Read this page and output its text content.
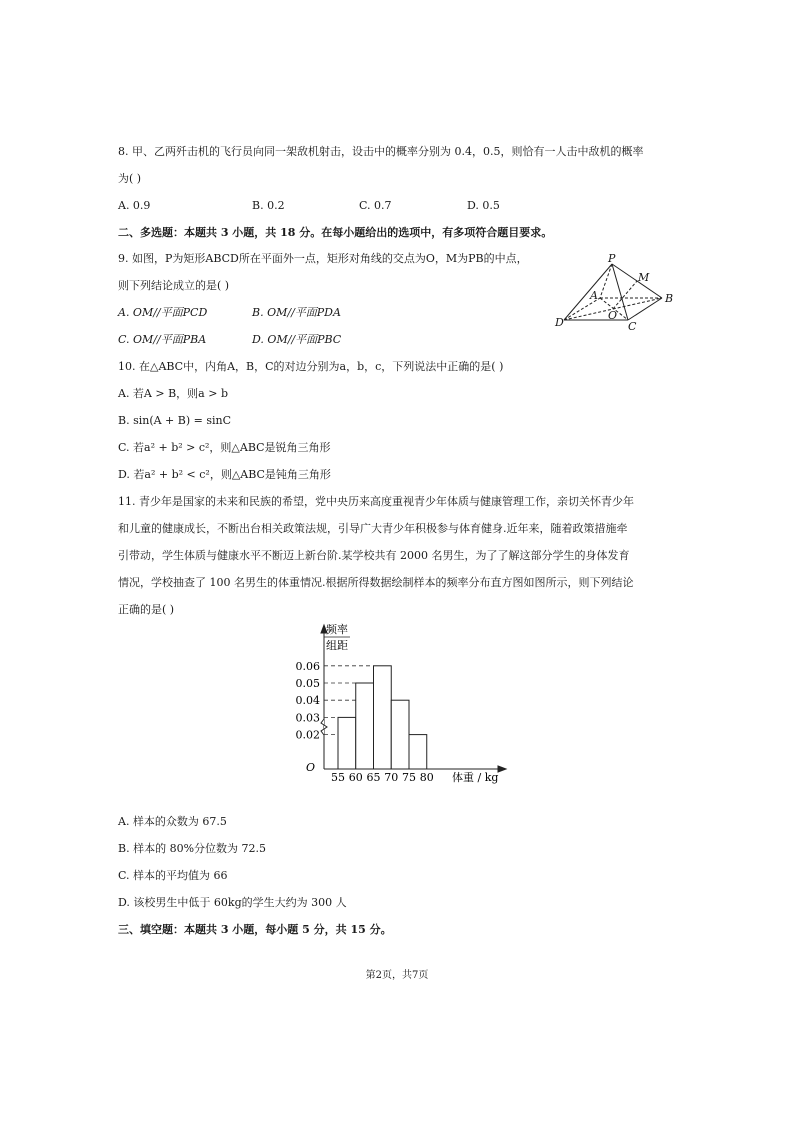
8. 甲、乙两歼击机的飞行员向同一架敌机射击，设击中的概率分别为 0.4，0.5，则恰有一人击中敌机的概率
为( )
A. 0.9	B. 0.2	C. 0.7	D. 0.5
二、多选题：本题共 3 小题，共 18 分。在每小题给出的选项中，有多项符合题目要求。
9. 如图，P为矩形ABCD所在平面外一点，矩形对角线的交点为O，M为PB的中点，
则下列结论成立的是( )
A. OM//平面PCD	B. OM//平面PDA
C. OM//平面PBA	D. OM//平面PBC
P
M
A	B
O
C
D
10. 在△ABC中，内角A，B，C的对边分别为a，b，c，下列说法中正确的是( )
A. 若A > B，则a > b
B. sin(A + B) = sinC
C. 若a² + b² > c²，则△ABC是锐角三角形
D. 若a² + b² < c²，则△ABC是钝角三角形
11. 青少年是国家的未来和民族的希望，党中央历来高度重视青少年体质与健康管理工作，亲切关怀青少年
和儿童的健康成长，不断出台相关政策法规，引导广大青少年积极参与体育健身.近年来，随着政策措施牵
引带动，学生体质与健康水平不断迈上新台阶.某学校共有 2000 名男生，为了了解这部分学生的身体发育
情况，学校抽查了 100 名男生的体重情况.根据所得数据绘制样本的频率分布直方图如图所示，则下列结论
正确的是( )
频率
组距
O
体重 / kg
0.02
0.03
0.04
0.05
0.06
55 60 65 70 75 80
A. 样本的众数为 67.5
B. 样本的 80%分位数为 72.5
C. 样本的平均值为 66
D. 该校男生中低于 60kg的学生大约为 300 人
三、填空题：本题共 3 小题，每小题 5 分，共 15 分。
第2页，共7页
